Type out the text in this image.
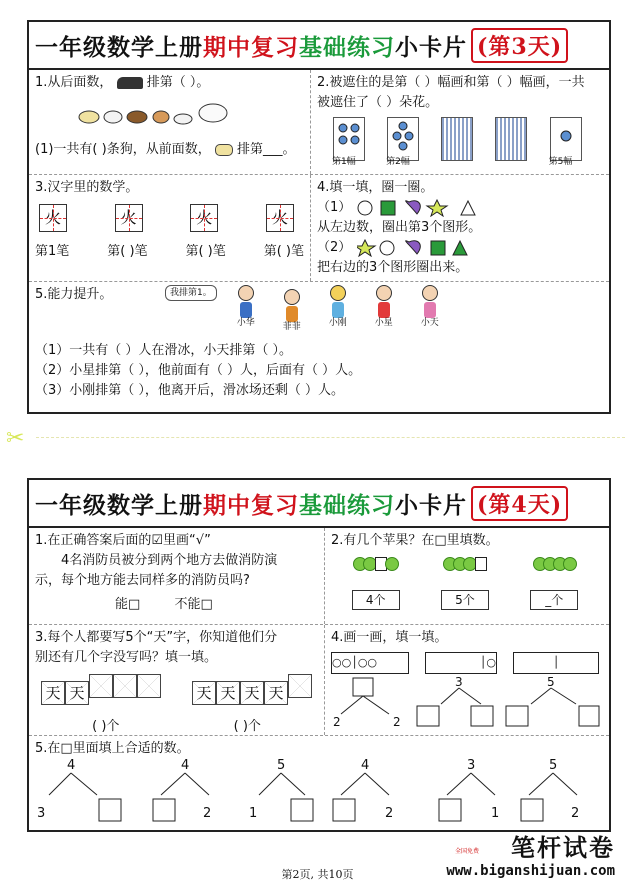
一年级数学上册 期中复习 基础练习 小卡片 (第3天)
1.从后面数，	排第（ ）。
(1)一共有( )条狗，从前面数， 排第___。
2.被遮住的是第（ ）幅画和第（ ）幅画，一共
被遮住了（ ）朵花。
第1幅
	第2幅
	第5幅
3.汉字里的数学。
火	火	火	火
第1笔	第( )笔	第( )笔	第( )笔
4.填一填，圈一圈。
（1）
从左边数，圈出第3个图形。
（2）
把右边的3个图形圈出来。
5.能力提升。	我排第1。
小华	菲菲	小刚	小星	小天
（1）一共有（ ）人在滑冰，小天排第（ ）。
（2）小星排第（ ），他前面有（ ）人，后面有（ ）人。
（3）小刚排第（ ），他离开后，滑冰场还剩（ ）人。
✂
一年级数学上册 期中复习 基础练习 小卡片 (第4天)
1.在正确答案后面的☑里画“√”
4名消防员被分到两个地方去做消防演
示，每个地方能去同样多的消防员吗?
能□	不能□
2.有几个苹果？在□里填数。
4个	5个	_个
3.每个人都要写5个“天”字，你知道他们分
别还有几个字没写吗？填一填。
天 天	天 天 天 天
( )个	( )个
4.画一画，填一填。
○○│○○	│○	│
2	2
3	5
5.在□里面填上合适的数。
4
3
4
2
5
1
4
2
3
1
5
2
全国免费	笔杆试卷
www.biganshijuan.com
第2页, 共10页
